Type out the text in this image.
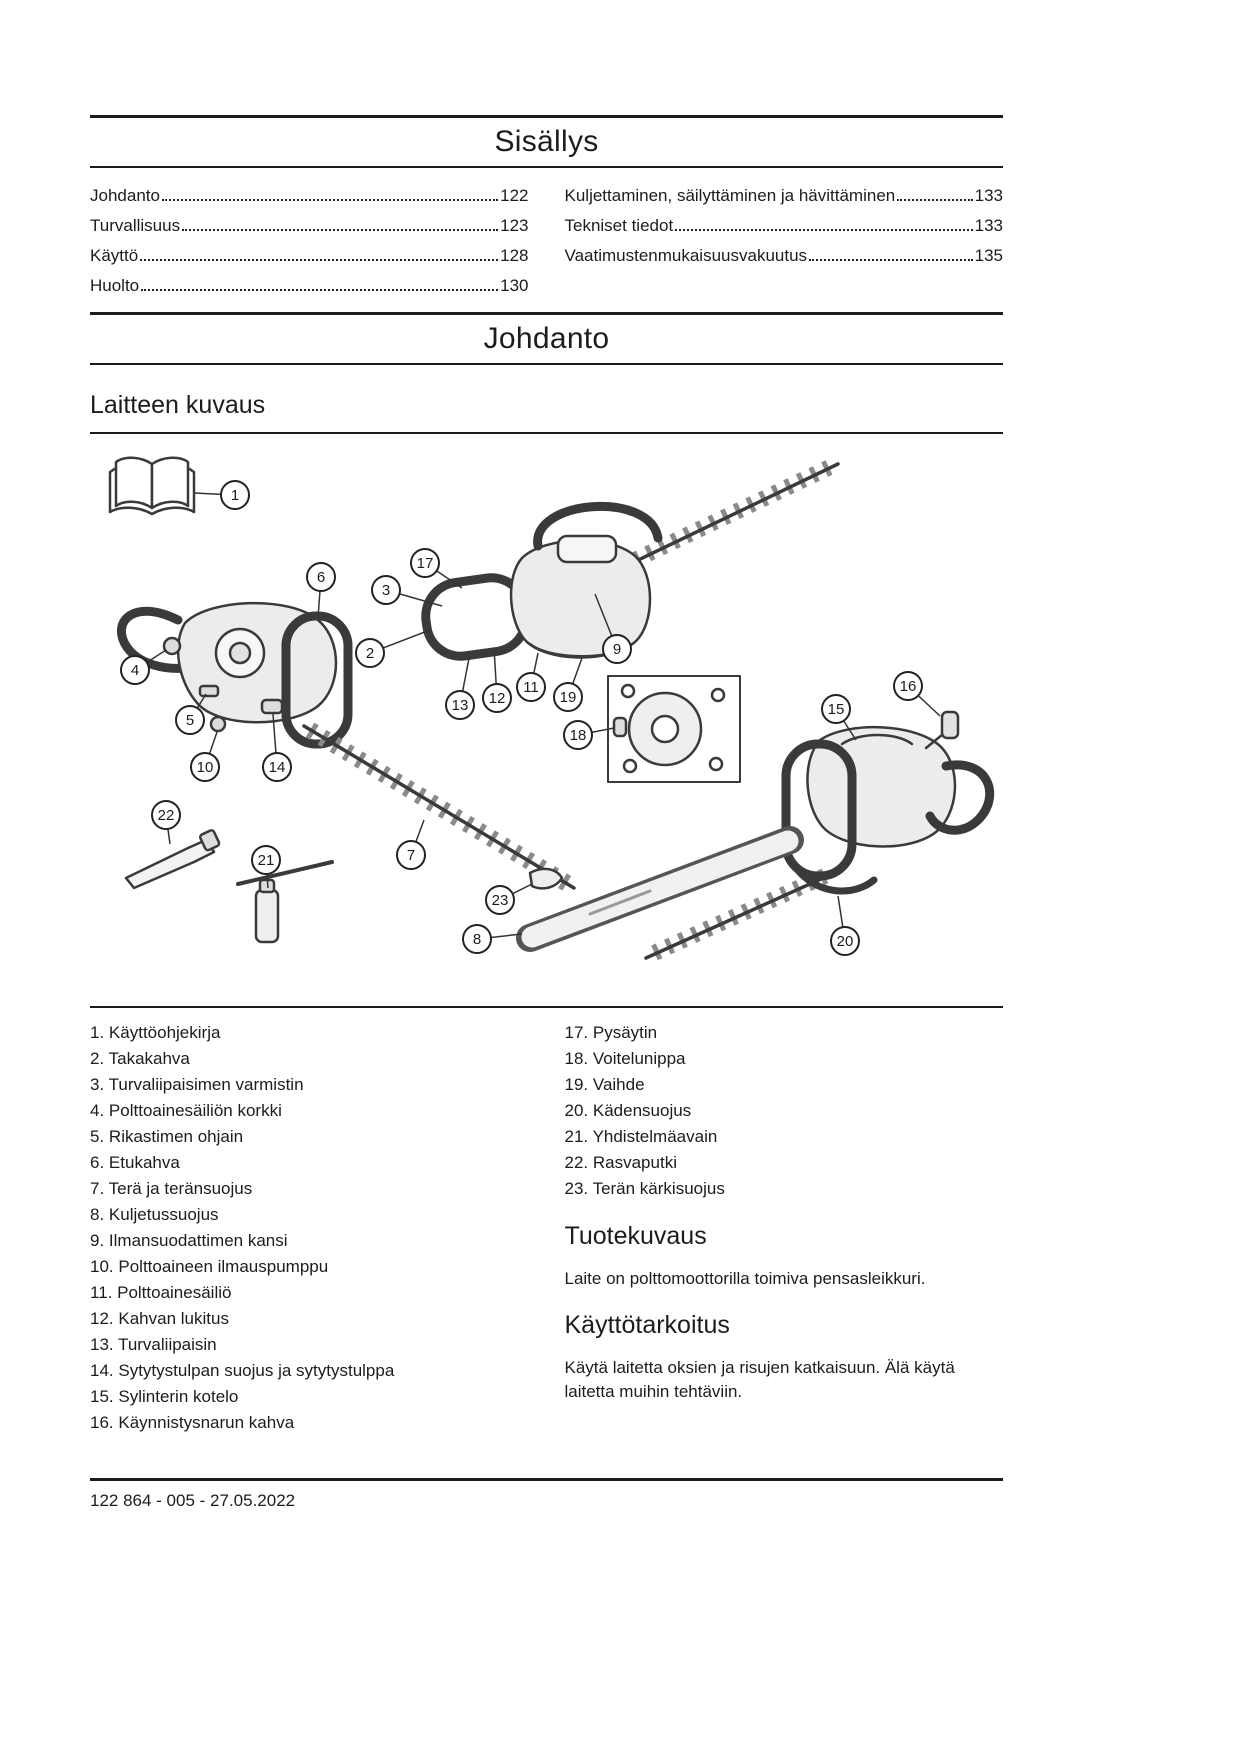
Sisällys
Johdanto	122
Turvallisuus	123
Käyttö	128
Huolto	130
Kuljettaminen, säilyttäminen ja hävittäminen	133
Tekniset tiedot	133
Vaatimustenmukaisuusvakuutus	135
Johdanto
Laitteen kuvaus
1
2
3
4
5
6
7
8
9
10
11
12
13
14
15
16
17
18
19
20
21
22
23
1. Käyttöohjekirja
2. Takakahva
3. Turvaliipaisimen varmistin
4. Polttoainesäiliön korkki
5. Rikastimen ohjain
6. Etukahva
7. Terä ja teränsuojus
8. Kuljetussuojus
9. Ilmansuodattimen kansi
10. Polttoaineen ilmauspumppu
11. Polttoainesäiliö
12. Kahvan lukitus
13. Turvaliipaisin
14. Sytytystulpan suojus ja sytytystulppa
15. Sylinterin kotelo
16. Käynnistysnarun kahva
17. Pysäytin
18. Voitelunippa
19. Vaihde
20. Kädensuojus
21. Yhdistelmäavain
22. Rasvaputki
23. Terän kärkisuojus
Tuotekuvaus

Laite on polttomoottorilla toimiva pensasleikkuri.

Käyttötarkoitus

Käytä laitetta oksien ja risujen katkaisuun. Älä käytä laitetta muihin tehtäviin.

122 864 - 005 - 27.05.2022
